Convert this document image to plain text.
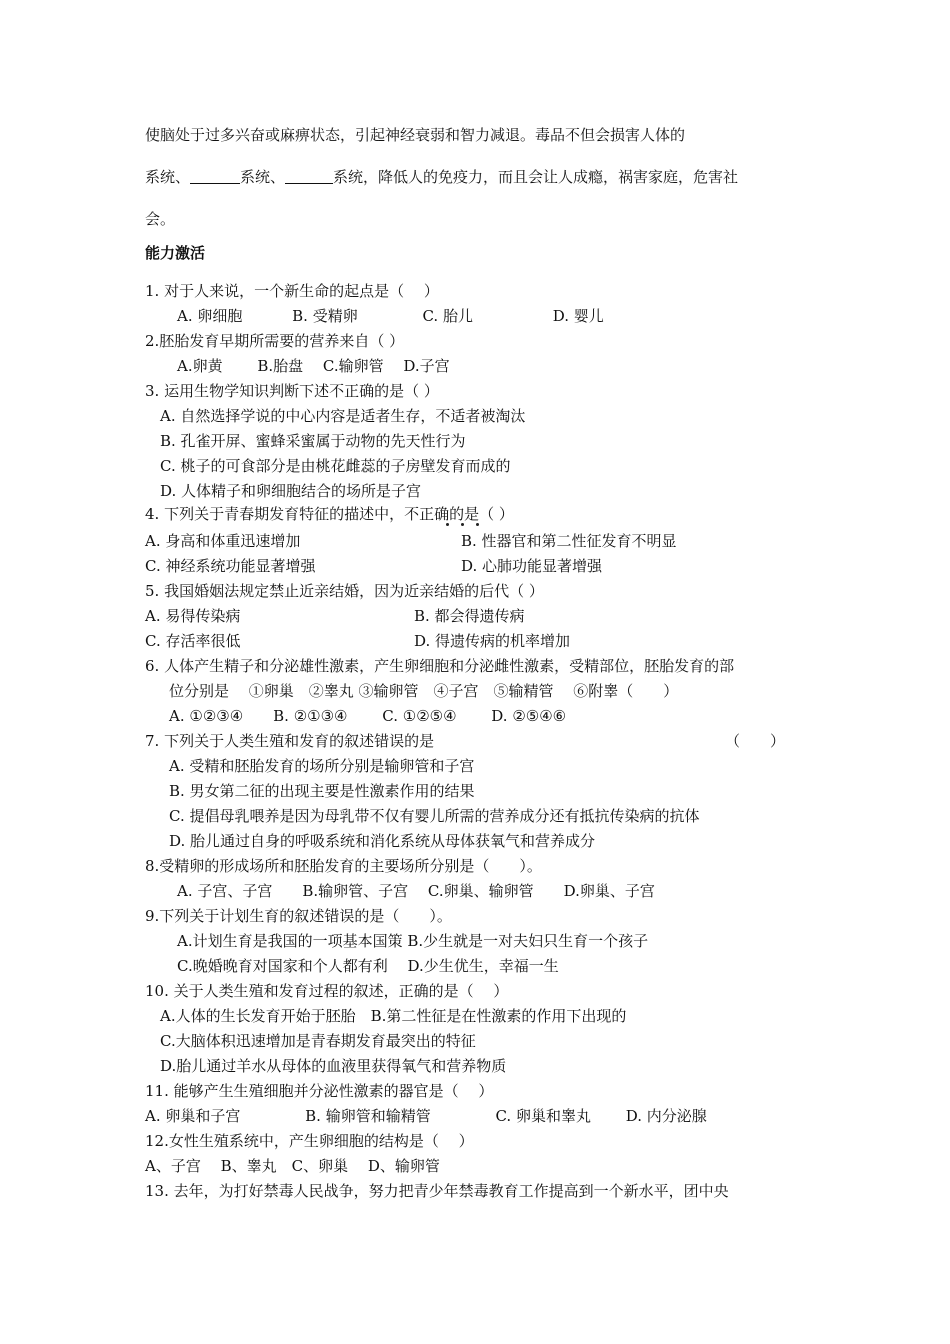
使脑处于过多兴奋或麻痹状态，引起神经衰弱和智力减退。毒品不但会损害人体的
系统、	系统、	系统，降低人的免疫力，而且会让人成瘾，祸害家庭，危害社
会。
能力激活
1. 对于人来说，一个新生命的起点是（　 ）
A. 卵细胞　　　 B. 受精卵　　　　 C. 胎儿　　　　　 D. 婴儿
2.胚胎发育早期所需要的营养来自（ ）
A.卵黄　　 B.胎盘　 C.输卵管　 D.子宫
3. 运用生物学知识判断下述不正确的是（ ）
A. 自然选择学说的中心内容是适者生存，不适者被淘汰
B. 孔雀开屏、蜜蜂采蜜属于动物的先天性行为
C. 桃子的可食部分是由桃花雌蕊的子房壁发育而成的
D. 人体精子和卵细胞结合的场所是子宫
4. 下列关于青春期发育特征的描述中，不正确的是（ ）
A. 身高和体重迅速增加	B. 性器官和第二性征发育不明显
C. 神经系统功能显著增强	D. 心肺功能显著增强
5. 我国婚姻法规定禁止近亲结婚，因为近亲结婚的后代（ ）
A. 易得传染病	B. 都会得遗传病
C. 存活率很低	D. 得遗传病的机率增加
6. 人体产生精子和分泌雄性激素，产生卵细胞和分泌雌性激素，受精部位，胚胎发育的部
位分别是　 ①卵巢　②睾丸 ③输卵管　④子宫　⑤输精管　 ⑥附睾（　　）
A. ①②③④　　B. ②①③④　　 C. ①②⑤④　　 D. ②⑤④⑥
7. 下列关于人类生殖和发育的叙述错误的是	（　　）
A. 受精和胚胎发育的场所分别是输卵管和子宫
B. 男女第二征的出现主要是性激素作用的结果
C. 提倡母乳喂养是因为母乳带不仅有婴儿所需的营养成分还有抵抗传染病的抗体
D. 胎儿通过自身的呼吸系统和消化系统从母体获氧气和营养成分
8.受精卵的形成场所和胚胎发育的主要场所分别是（　　）。
A. 子宫、子宫　　B.输卵管、子宫　 C.卵巢、输卵管　　D.卵巢、子宫
9.下列关于计划生育的叙述错误的是（　　）。
A.计划生育是我国的一项基本国策 B.少生就是一对夫妇只生育一个孩子
C.晚婚晚育对国家和个人都有利　 D.少生优生，幸福一生
10. 关于人类生殖和发育过程的叙述，正确的是（　 ）
A.人体的生长发育开始于胚胎　B.第二性征是在性激素的作用下出现的
C.大脑体积迅速增加是青春期发育最突出的特征
D.胎儿通过羊水从母体的血液里获得氧气和营养物质
11. 能够产生生殖细胞并分泌性激素的器官是（　 ）
A. 卵巢和子宫　　　　 B. 输卵管和输精管　　　　 C. 卵巢和睾丸　　 D. 内分泌腺
12.女性生殖系统中，产生卵细胞的结构是（　 ）
A、子宫　 B、睾丸　C、卵巢　 D、输卵管
13. 去年，为打好禁毒人民战争，努力把青少年禁毒教育工作提高到一个新水平，团中央
